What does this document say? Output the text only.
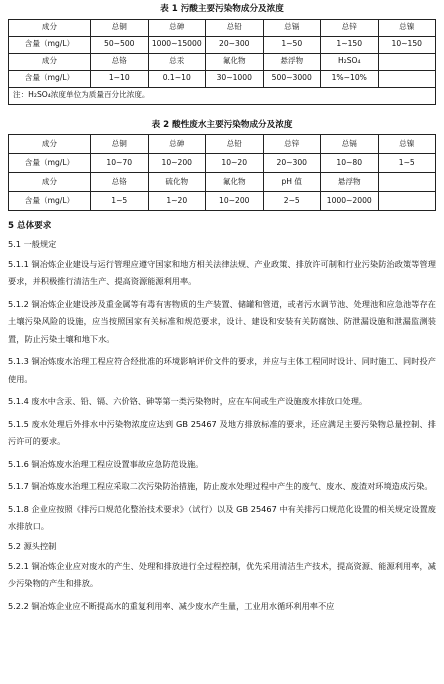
表 1 污酸主要污染物成分及浓度
成分	总铜	总砷	总铅	总镉	总锌	总镍
含量（mg/L）	50~500	1000~15000	20~300	1~50	1~150	10~150
成分	总铬	总汞	氟化物	悬浮物	H₂SO₄	
含量（mg/L）	1~10	0.1~10	30~1000	500~3000	1%~10%	
注：H₂SO₄浓度单位为质量百分比浓度。						
表 2 酸性废水主要污染物成分及浓度
成分	总铜	总砷	总铅	总锌	总镉	总镍
含量（mg/L）	10~70	10~200	10~20	20~300	10~80	1~5
成分	总铬	硫化物	氟化物	pH 值	悬浮物	
含量（mg/L）	1~5	1~20	10~200	2~5	1000~2000	
5 总体要求
5.1 一般规定
5.1.1 铜冶炼企业建设与运行管理应遵守国家和地方相关法律法规、产业政策、排放许可制和行业污染防治政策等管理要求，并积极推行清洁生产、提高资源能源利用率。
5.1.2 铜冶炼企业建设涉及重金属等有毒有害物质的生产装置、储罐和管道，或者污水调节池、处理池和应急池等存在土壤污染风险的设施，应当按照国家有关标准和规范要求，设计、建设和安装有关防腐蚀、防泄漏设施和泄漏监测装置，防止污染土壤和地下水。
5.1.3 铜冶炼废水治理工程应符合经批准的环境影响评价文件的要求，并应与主体工程同时设计、同时施工、同时投产使用。
5.1.4 废水中含汞、铅、镉、六价铬、砷等第一类污染物时，应在车间或生产设施废水排放口处理。
5.1.5 废水处理后外排水中污染物浓度应达到 GB 25467 及地方排放标准的要求，还应满足主要污染物总量控制、排污许可的要求。
5.1.6 铜冶炼废水治理工程应设置事故应急防范设施。
5.1.7 铜冶炼废水治理工程应采取二次污染防治措施，防止废水处理过程中产生的废气、废水、废渣对环境造成污染。
5.1.8 企业应按照《排污口规范化整治技术要求》（试行）以及 GB 25467 中有关排污口规范化设置的相关规定设置废水排放口。
5.2 源头控制
5.2.1 铜冶炼企业应对废水的产生、处理和排放进行全过程控制，优先采用清洁生产技术，提高资源、能源利用率，减少污染物的产生和排放。
5.2.2 铜冶炼企业应不断提高水的重复利用率、减少废水产生量，工业用水循环利用率不应
